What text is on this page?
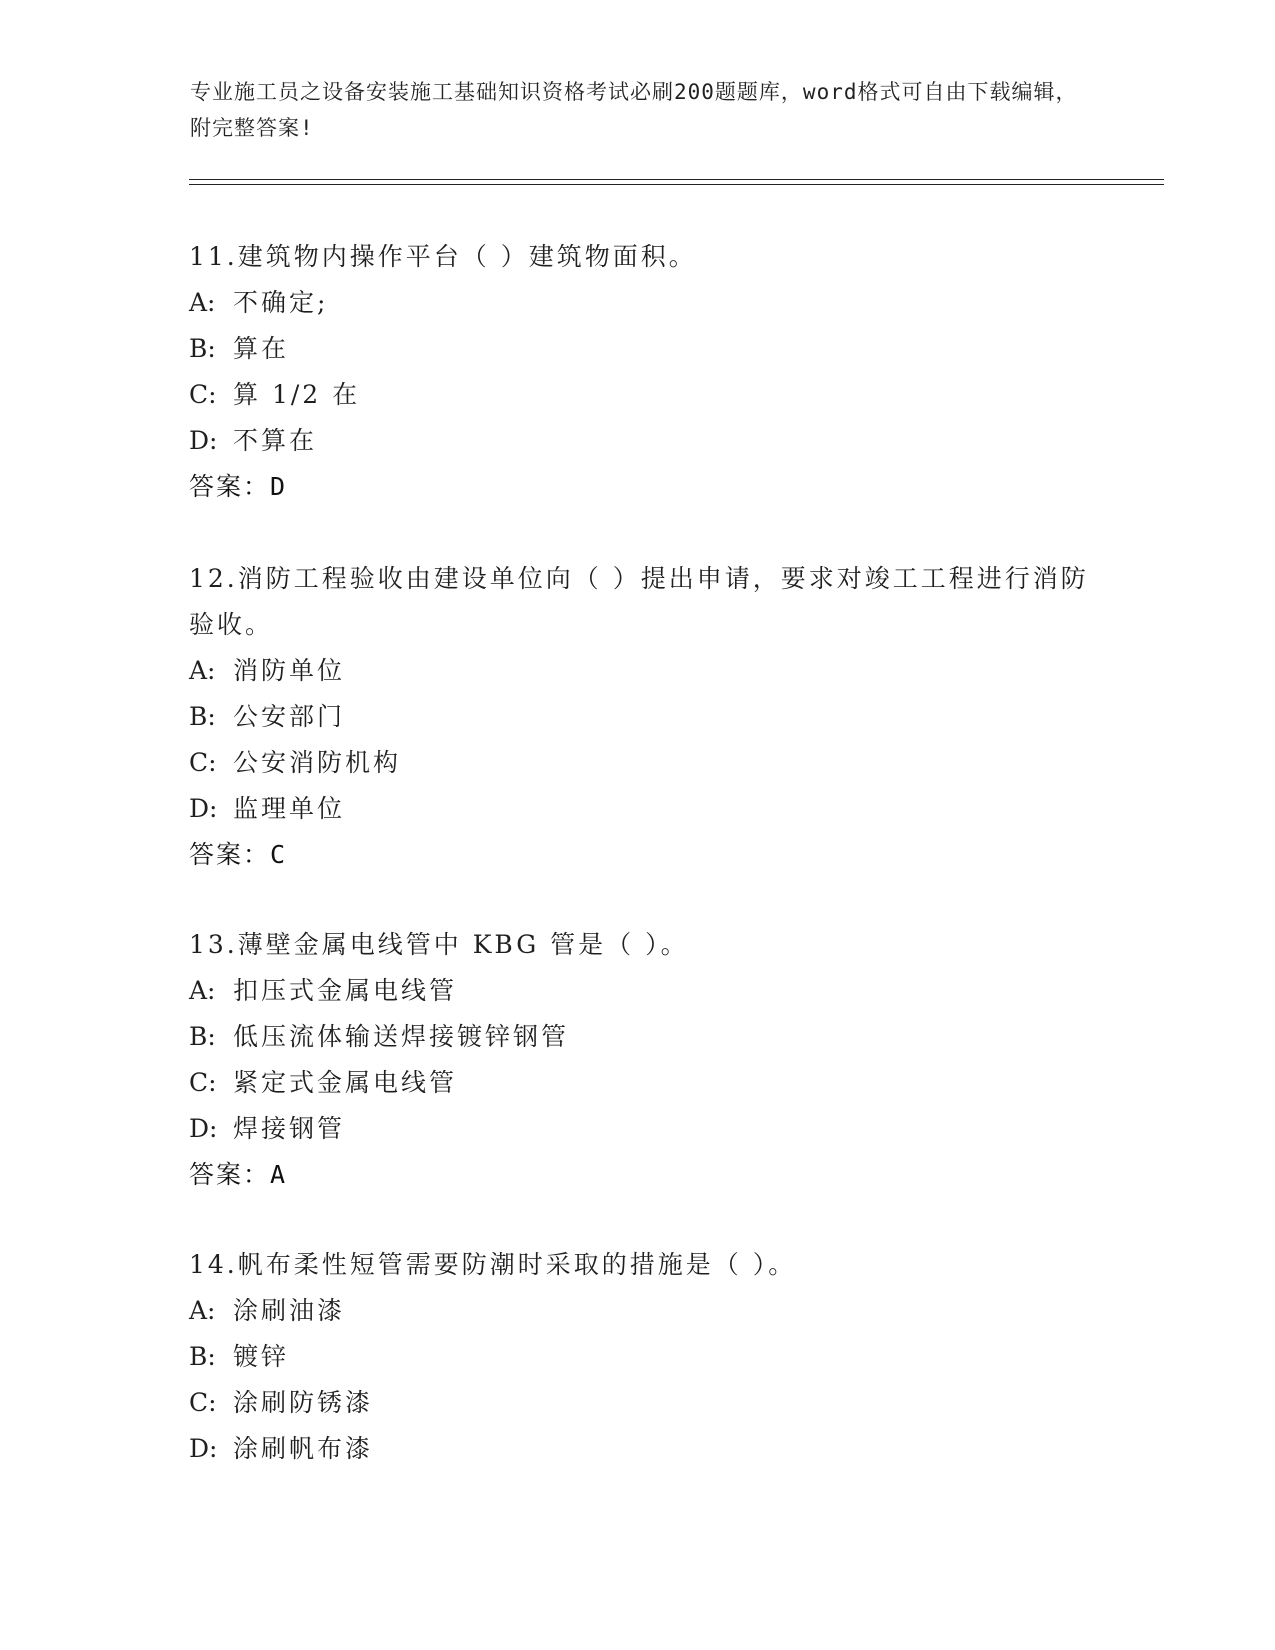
专业施工员之设备安装施工基础知识资格考试必刷200题题库，word格式可自由下载编辑，附完整答案!
11.建筑物内操作平台（ ）建筑物面积。
A: 不确定;
B: 算在
C: 算 1/2 在
D: 不算在
答案：D
12.消防工程验收由建设单位向（ ）提出申请，要求对竣工工程进行消防验收。
A: 消防单位
B: 公安部门
C: 公安消防机构
D: 监理单位
答案：C
13.薄壁金属电线管中 KBG 管是（ ）。
A: 扣压式金属电线管
B: 低压流体输送焊接镀锌钢管
C: 紧定式金属电线管
D: 焊接钢管
答案：A
14.帆布柔性短管需要防潮时采取的措施是（ ）。
A: 涂刷油漆
B: 镀锌
C: 涂刷防锈漆
D: 涂刷帆布漆
